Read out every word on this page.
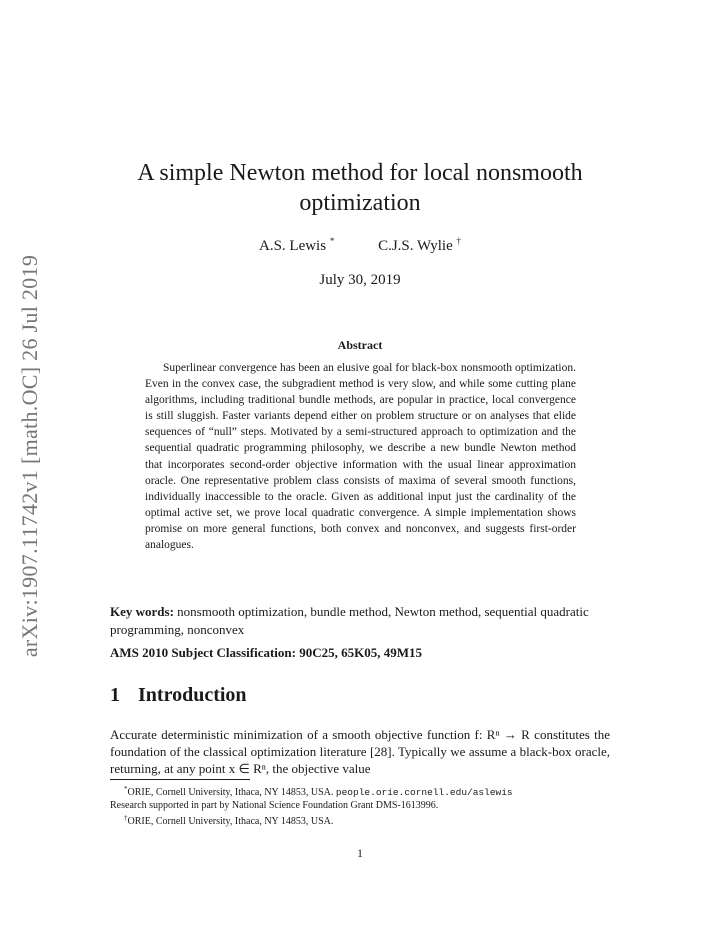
arXiv:1907.11742v1 [math.OC] 26 Jul 2019
A simple Newton method for local nonsmooth optimization
A.S. Lewis *	C.J.S. Wylie †
July 30, 2019
Abstract

Superlinear convergence has been an elusive goal for black-box nonsmooth optimization. Even in the convex case, the subgradient method is very slow, and while some cutting plane algorithms, including traditional bundle methods, are popular in practice, local convergence is still sluggish. Faster variants depend either on problem structure or on analyses that elide sequences of “null” steps. Motivated by a semi-structured approach to optimization and the sequential quadratic programming philosophy, we describe a new bundle Newton method that incorporates second-order objective information with the usual linear approximation oracle. One representative problem class consists of maxima of several smooth functions, individually inaccessible to the oracle. Given as additional input just the cardinality of the optimal active set, we prove local quadratic convergence. A simple implementation shows promise on more general functions, both convex and nonconvex, and suggests first-order analogues.

Key words: nonsmooth optimization, bundle method, Newton method, sequential quadratic programming, nonconvex

AMS 2010 Subject Classification: 90C25, 65K05, 49M15

1 Introduction

Accurate deterministic minimization of a smooth objective function f: Rⁿ → R constitutes the foundation of the classical optimization literature [28]. Typically we assume a black-box oracle, returning, at any point x ∈ Rⁿ, the objective value

*ORIE, Cornell University, Ithaca, NY 14853, USA. people.orie.cornell.edu/aslewis

Research supported in part by National Science Foundation Grant DMS-1613996.

†ORIE, Cornell University, Ithaca, NY 14853, USA.

1
